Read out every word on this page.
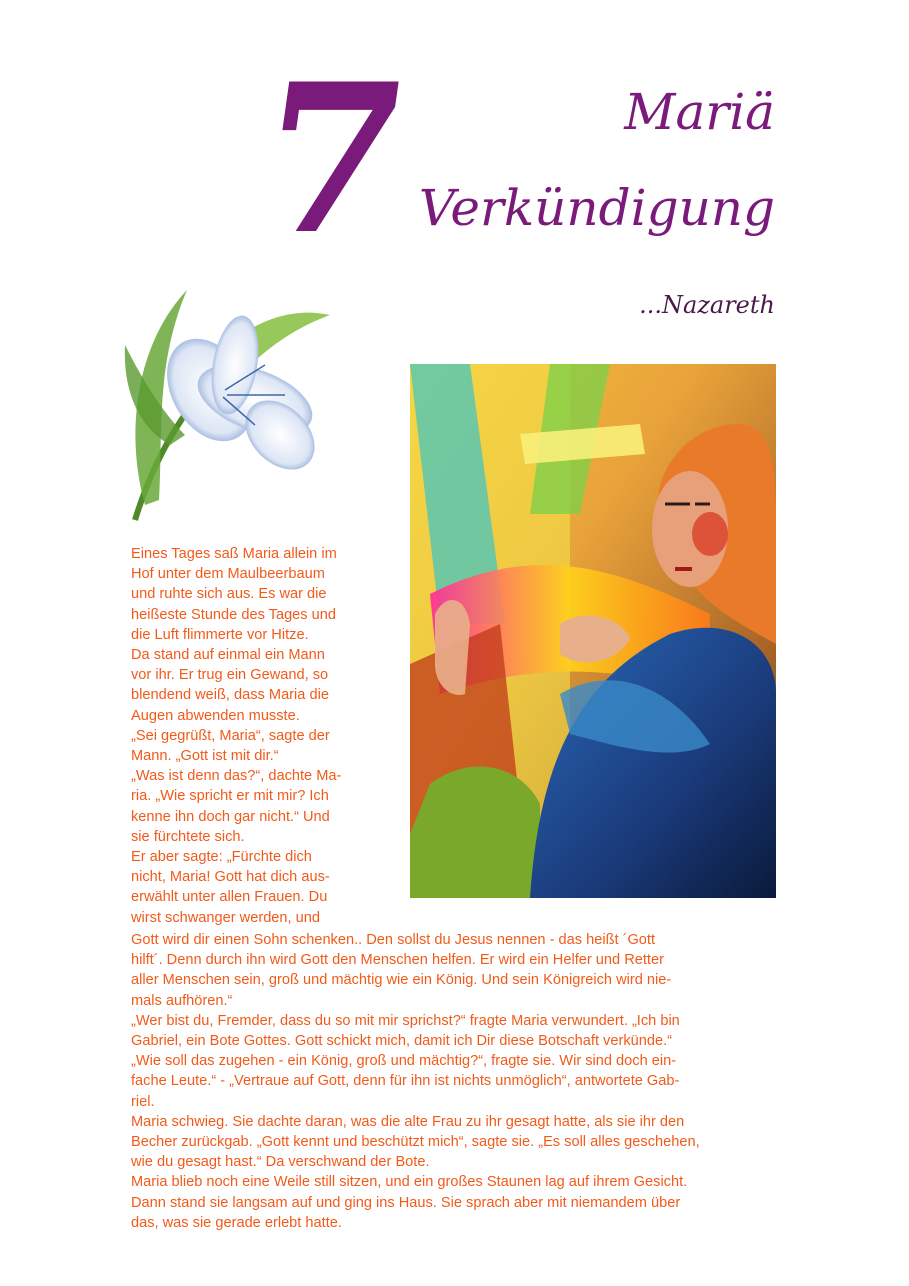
7	Mariä
Verkündigung
...Nazareth
Eines Tages saß Maria allein im
Hof unter dem Maulbeerbaum
und ruhte sich aus. Es war die
heißeste Stunde des Tages und
die Luft flimmerte vor Hitze.
Da stand auf einmal ein Mann
vor ihr. Er trug ein Gewand, so
blendend weiß, dass Maria die
Augen abwenden musste.
„Sei gegrüßt, Maria“, sagte der
Mann. „Gott ist mit dir.“
„Was ist denn das?“, dachte Ma-
ria. „Wie spricht er mit mir? Ich
kenne ihn doch gar nicht.“ Und
sie fürchtete sich.
Er aber sagte: „Fürchte dich
nicht, Maria! Gott hat dich aus-
erwählt unter allen Frauen. Du
wirst schwanger werden, und
Gott wird dir einen Sohn schenken.. Den sollst du Jesus nennen - das heißt ´Gott
hilft´. Denn durch ihn wird Gott den Menschen helfen. Er wird ein Helfer und Retter
aller Menschen sein, groß und mächtig wie ein König. Und sein Königreich wird nie-
mals aufhören.“
„Wer bist du, Fremder, dass du so mit mir sprichst?“ fragte Maria verwundert. „Ich bin
Gabriel, ein Bote Gottes. Gott schickt mich, damit ich Dir diese Botschaft verkünde.“
„Wie soll das zugehen - ein König, groß und mächtig?“, fragte sie. Wir sind doch ein-
fache Leute.“ - „Vertraue auf Gott, denn für ihn ist nichts unmöglich“, antwortete Gab-
riel.
Maria schwieg. Sie dachte daran, was die alte Frau zu ihr gesagt hatte, als sie ihr den
Becher zurückgab. „Gott kennt und beschützt mich“, sagte sie. „Es soll alles geschehen,
wie du gesagt hast.“ Da verschwand der Bote.
Maria blieb noch eine Weile still sitzen, und ein großes Staunen lag auf ihrem Gesicht.
Dann stand sie langsam auf und ging ins Haus. Sie sprach aber mit niemandem über
das, was sie gerade erlebt hatte.
